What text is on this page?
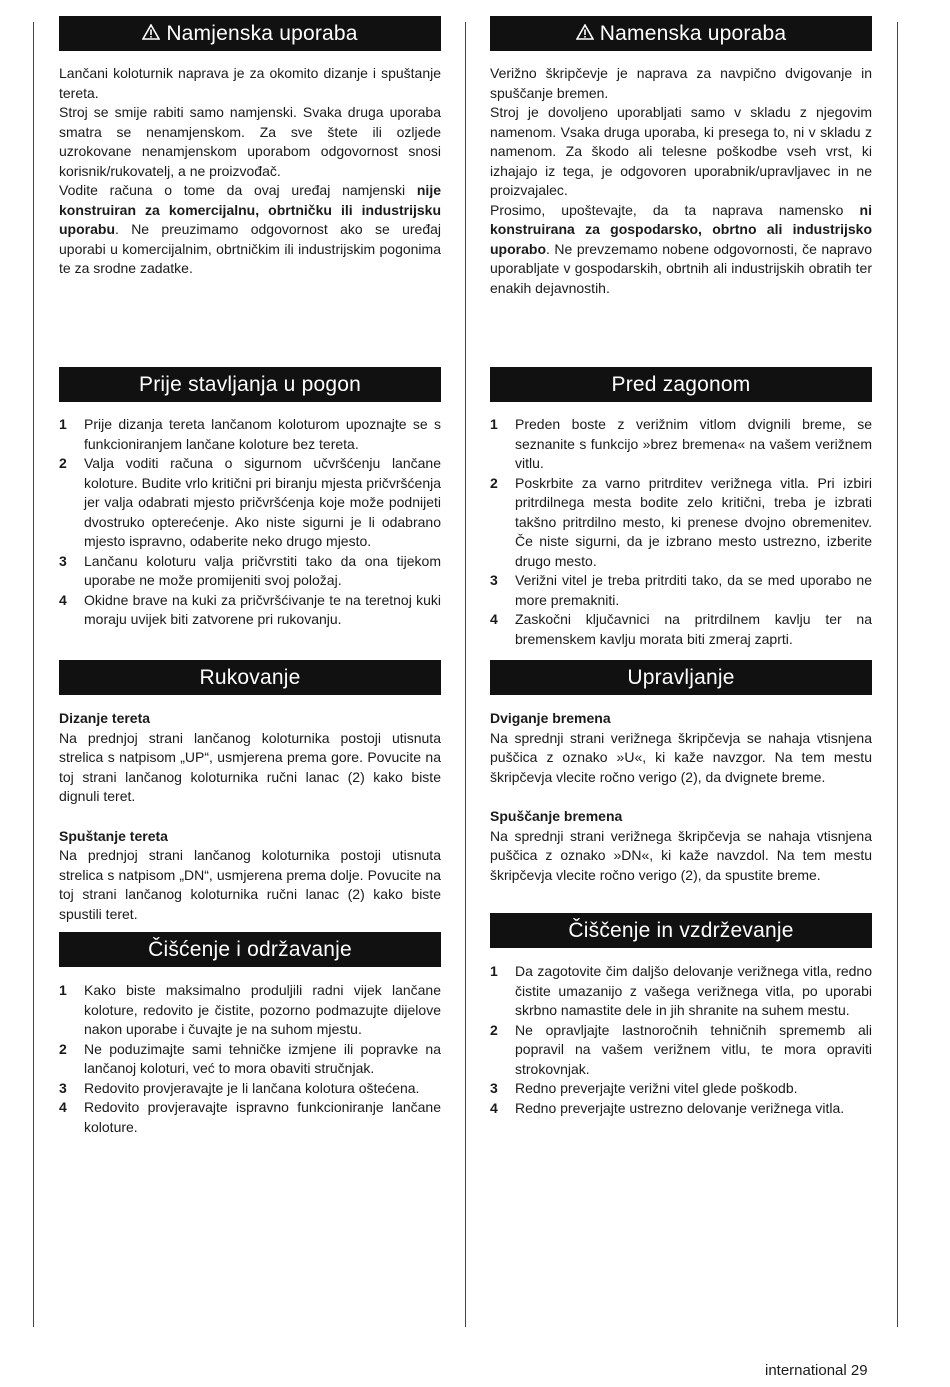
Namjenska uporaba

Lančani koloturnik naprava je za okomito dizanje i spuštanje tereta.

Stroj se smije rabiti samo namjenski. Svaka druga uporaba smatra se nenamjenskom. Za sve štete ili ozljede uzrokovane nenamjenskom uporabom odgovornost snosi korisnik/rukovatelj, a ne proizvođač.

Vodite računa o tome da ovaj uređaj namjenski nije konstruiran za komercijalnu, obrtničku ili industrijsku uporabu. Ne preuzimamo odgovornost ako se uređaj uporabi u komercijalnim, obrtničkim ili industrijskim pogonima te za srodne zadatke.

Prije stavljanja u pogon
1 Prije dizanja tereta lančanom koloturom upoznajte se s funkcioniranjem lančane koloture bez tereta.
2 Valja voditi računa o sigurnom učvršćenju lančane koloture. Budite vrlo kritični pri biranju mjesta pričvršćenja jer valja odabrati mjesto pričvršćenja koje može podnijeti dvostruko opterećenje. Ako niste sigurni je li odabrano mjesto ispravno, odaberite neko drugo mjesto.
3 Lančanu koloturu valja pričvrstiti tako da ona tijekom uporabe ne može promijeniti svoj položaj.
4 Okidne brave na kuki za pričvršćivanje te na teretnoj kuki moraju uvijek biti zatvorene pri rukovanju.
Rukovanje
Dizanje tereta

Na prednjoj strani lančanog koloturnika postoji utisnuta strelica s natpisom „UP“, usmjerena prema gore. Povucite na toj strani lančanog koloturnika ručni lanac (2) kako biste dignuli teret.

Spuštanje tereta

Na prednjoj strani lančanog koloturnika postoji utisnuta strelica s natpisom „DN“, usmjerena prema dolje. Povucite na toj strani lančanog koloturnika ručni lanac (2) kako biste spustili teret.

Čišćenje i održavanje
1 Kako biste maksimalno produljili radni vijek lančane koloture, redovito je čistite, pozorno podmazujte dijelove nakon uporabe i čuvajte je na suhom mjestu.
2 Ne poduzimajte sami tehničke izmjene ili popravke na lančanoj koloturi, već to mora obaviti stručnjak.
3 Redovito provjeravajte je li lančana kolotura oštećena.
4 Redovito provjeravajte ispravno funkcioniranje lančane koloture.
Namenska uporaba

Verižno škripčevje je naprava za navpično dvigovanje in spuščanje bremen.

Stroj je dovoljeno uporabljati samo v skladu z njegovim namenom. Vsaka druga uporaba, ki presega to, ni v skladu z namenom. Za škodo ali telesne poškodbe vseh vrst, ki izhajajo iz tega, je odgovoren uporabnik/upravljavec in ne proizvajalec.

Prosimo, upoštevajte, da ta naprava namensko ni konstruirana za gospodarsko, obrtno ali industrijsko uporabo. Ne prevzemamo nobene odgovornosti, če napravo uporabljate v gospodarskih, obrtnih ali industrijskih obratih ter enakih dejavnostih.

Pred zagonom
1 Preden boste z verižnim vitlom dvignili breme, se seznanite s funkcijo »brez bremena« na vašem verižnem vitlu.
2 Poskrbite za varno pritrditev verižnega vitla. Pri izbiri pritrdilnega mesta bodite zelo kritični, treba je izbrati takšno pritrdilno mesto, ki prenese dvojno obremenitev. Če niste sigurni, da je izbrano mesto ustrezno, izberite drugo mesto.
3 Verižni vitel je treba pritrditi tako, da se med uporabo ne more premakniti.
4 Zaskočni ključavnici na pritrdilnem kavlju ter na bremenskem kavlju morata biti zmeraj zaprti.
Upravljanje
Dviganje bremena

Na sprednji strani verižnega škripčevja se nahaja vtisnjena puščica z oznako »U«, ki kaže navzgor. Na tem mestu škripčevja vlecite ročno verigo (2), da dvignete breme.

Spuščanje bremena

Na sprednji strani verižnega škripčevja se nahaja vtisnjena puščica z oznako »DN«, ki kaže navzdol. Na tem mestu škripčevja vlecite ročno verigo (2), da spustite breme.

Čiščenje in vzdrževanje
1 Da zagotovite čim daljšo delovanje verižnega vitla, redno čistite umazanijo z vašega verižnega vitla, po uporabi skrbno namastite dele in jih shranite na suhem mestu.
2 Ne opravljajte lastnoročnih tehničnih sprememb ali popravil na vašem verižnem vitlu, te mora opraviti strokovnjak.
3 Redno preverjajte verižni vitel glede poškodb.
4 Redno preverjajte ustrezno delovanje verižnega vitla.
international 29
